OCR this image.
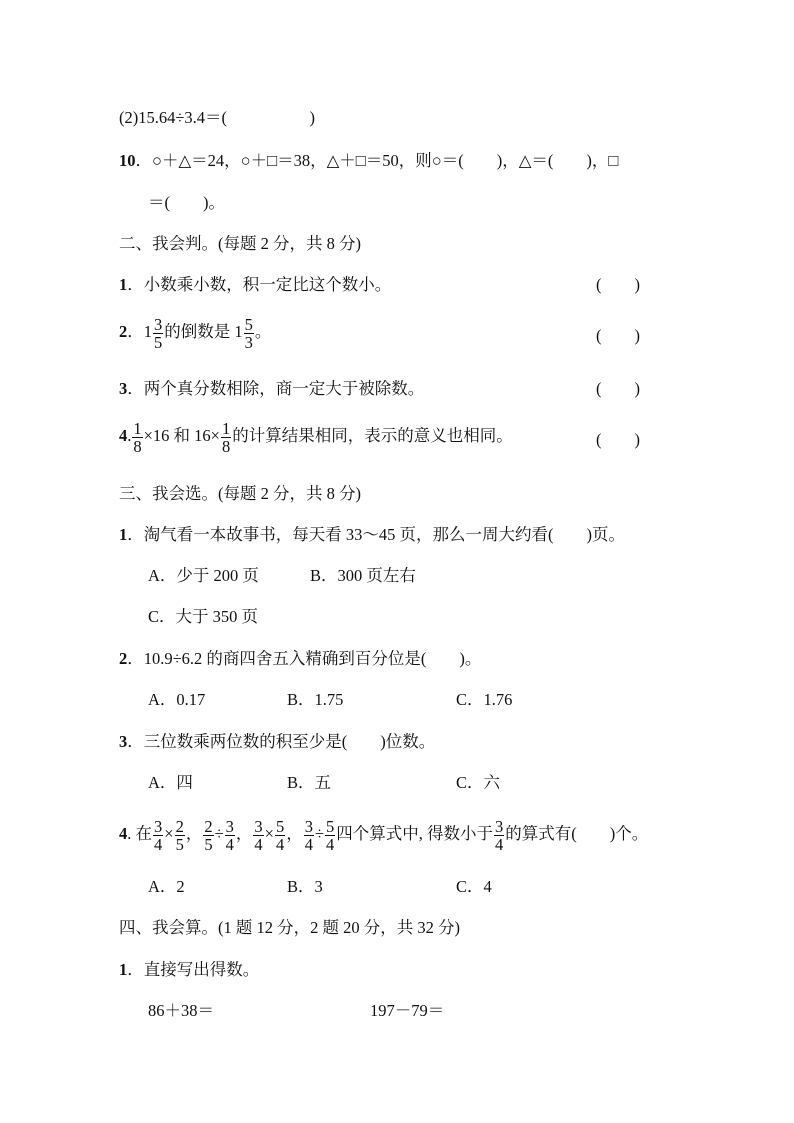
(2)15.64÷3.4＝(　　　　　)
10．○＋△＝24，○＋□＝38，△＋□＝50，则○＝(　　)，△＝(　　)，□
＝(　　)。
二、我会判。(每题 2 分，共 8 分)
1．小数乘小数，积一定比这个数小。	(　　)
2．$1 \frac{3}{5}$ 的倒数是 $1 \frac{5}{3}$ 。	(　　)
3．两个真分数相除，商一定大于被除数。	(　　)
4. $\frac{1}{8} \times 16$ 和 $16\times \frac{1}{8}$ 的计算结果相同，表示的意义也相同。	(　　)
三、我会选。(每题 2 分，共 8 分)
1．淘气看一本故事书，每天看 33～45 页，那么一周大约看(　　)页。
A．少于 200 页	B．300 页左右
C．大于 350 页
2．10.9÷6.2 的商四舍五入精确到百分位是(　　)。
A．0.17	B．1.75	C．1.76
3．三位数乘两位数的积至少是(　　)位数。
A．四	B．五	C．六
4. 在 $\frac{3}{4} \times \frac{2}{5}$ ， $\frac{2}{5} \div \frac{3}{4}$ ， $\frac{3}{4} \times \frac{5}{4}$ ， $\frac{3}{4} \div \frac{5}{4}$ 四个算式中, 得数小于 $\frac{3}{4}$ 的算式有(　　)个。
A．2	B．3	C．4
四、我会算。(1 题 12 分，2 题 20 分，共 32 分)
1．直接写出得数。
86＋38＝	197－79＝
